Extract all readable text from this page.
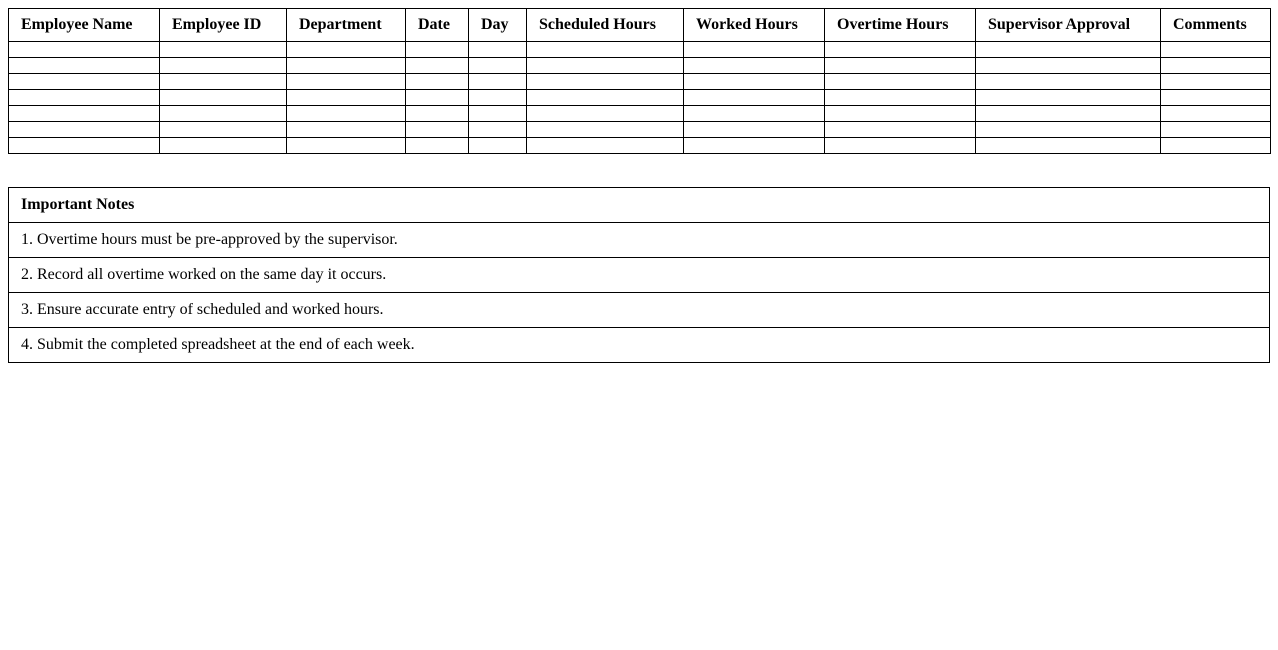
Employee Name	Employee ID	Department	Date	Day	Scheduled Hours	Worked Hours	Overtime Hours	Supervisor Approval	Comments

Important Notes
1. Overtime hours must be pre-approved by the supervisor.
2. Record all overtime worked on the same day it occurs.
3. Ensure accurate entry of scheduled and worked hours.
4. Submit the completed spreadsheet at the end of each week.
